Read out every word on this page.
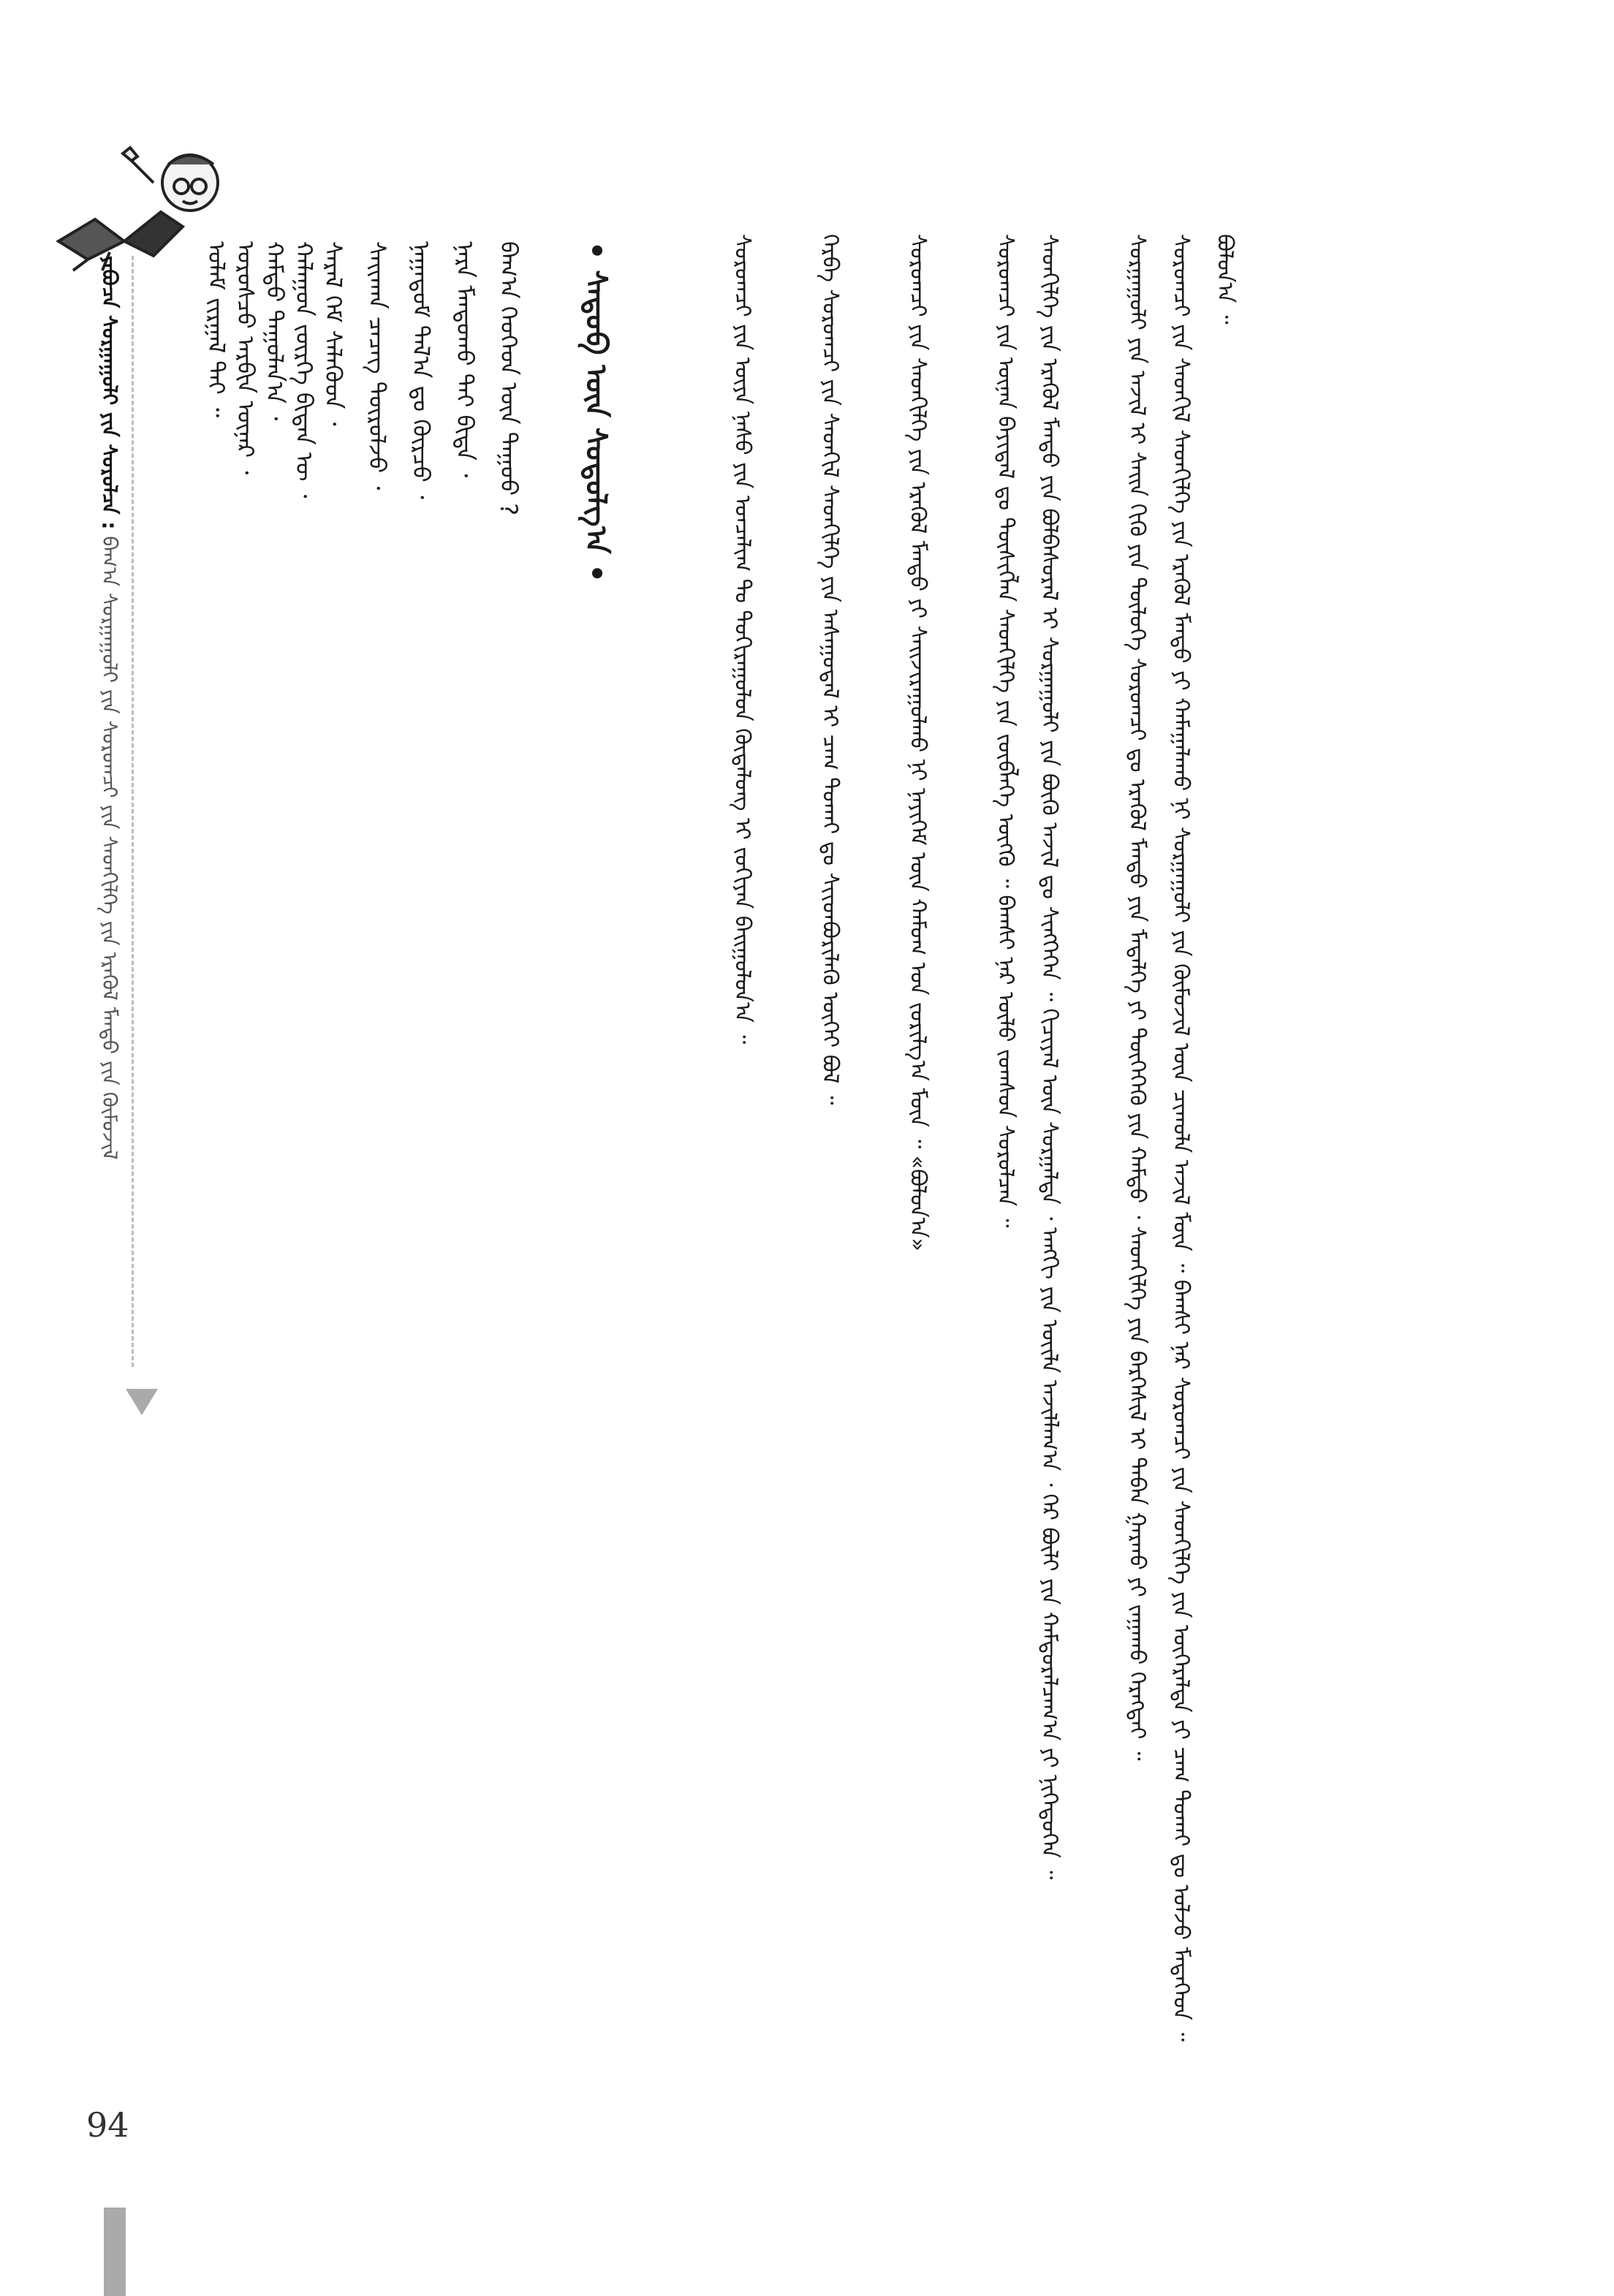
94
ᠶᠠᠪᠤᠴᠠ ᠰᠤᠷᠭᠠᠭᠤᠯᠢ ᠶᠢᠨ ᠰᠤᠷᠤᠯᠴᠠ : ᠪᠠᠭ᠎ᠠ ᠰᠤᠷᠭᠠᠭᠤᠯᠢ ᠶᠢᠨ ᠰᠤᠷᠤᠭᠴᠢ ᠶᠢᠨ ᠰᠡᠳᠬᠢᠯᠭᠡ ᠶᠢᠨ ᠡᠷᠡᠭᠦᠯ ᠮᠡᠨᠳᠦ ᠶᠢᠨ ᠬᠦᠮᠦᠵᠢᠯ
ᠪᠣᠯᠤᠨ᠎ᠠ ᠃
ᠰᠤᠷᠤᠭᠴᠢ ᠶᠢᠨ ᠰᠡᠳᠬᠢᠯ ᠰᠡᠳᠬᠢᠯᠭᠡ ᠶᠢᠨ ᠡᠷᠡᠭᠦᠯ ᠮᠡᠨᠳᠦ ᠶᠢ ᠬᠠᠮᠠᠭᠠᠯᠠᠬᠤ ᠨᠢ ᠰᠤᠷᠭᠠᠭᠤᠯᠢ ᠶᠢᠨ ᠬᠦᠮᠦᠵᠢᠯ ᠦᠨ ᠴᠢᠬᠤᠯᠠ ᠠᠵᠢᠯ ᠮᠥᠨ ᠃ ᠪᠠᠭᠰᠢ ᠨᠠᠷ ᠰᠤᠷᠤᠭᠴᠢ ᠶᠢᠨ ᠰᠡᠳᠬᠢᠯᠭᠡ ᠶᠢᠨ ᠥᠭᠡᠷᠡᠯᠲᠡ ᠶᠢ ᠴᠠᠭ ᠲᠤᠬᠠᠢ ᠳᠤ ᠣᠯᠵᠤ ᠮᠡᠳᠡᠭᠡᠳ ᠃
ᠰᠤᠷᠭᠠᠭᠤᠯᠢ ᠶᠢᠨ ᠠᠵᠢᠯ ᠢ ᠰᠠᠢᠨ ᠬᠢᠬᠦ ᠶᠢᠨ ᠲᠥᠯᠥᠭᠡ ᠰᠤᠷᠤᠭᠴᠢ ᠳᠤ ᠡᠷᠡᠭᠦᠯ ᠮᠡᠨᠳᠦ ᠶᠢᠨ ᠮᠡᠳᠡᠯᠭᠡ ᠶᠢ ᠲᠦᠭᠡᠭᠡᠬᠦ ᠶᠢᠨ ᠬᠠᠮᠲᠤ ᠂ ᠰᠡᠳᠬᠢᠯᠭᠡ ᠶᠢᠨ ᠪᠡᠷᠬᠡᠰᠢᠯ ᠢ ᠳᠠᠪᠠᠨ ᠭᠠᠷᠬᠤ ᠶᠢ ᠵᠠᠭᠠᠬᠤ ᠬᠡᠷᠡᠭᠲᠡᠢ ᠃
ᠰᠡᠳᠬᠢᠯᠭᠡ ᠶᠢᠨ ᠡᠷᠡᠭᠦᠯ ᠮᠡᠨᠳᠦ ᠶᠢᠨ ᠪᠣᠯᠪᠠᠰᠤᠷᠠᠯ ᠢ ᠰᠤᠷᠭᠠᠭᠤᠯᠢ ᠶᠢᠨ ᠪᠦᠬᠦ ᠠᠵᠢᠯ ᠳᠤ ᠰᠢᠩᠭᠡᠭᠡᠨ ᠃ ᠬᠢᠴᠢᠶᠡᠯ ᠦᠨ ᠰᠤᠷᠭᠠᠯᠲᠠ ᠂ ᠠᠩᠭᠢ ᠶᠢᠨ ᠦᠢᠯᠡ ᠠᠵᠢᠯᠯᠠᠭ᠎ᠠ ᠂ ᠭᠡᠷ ᠪᠦᠯᠢ ᠶᠢᠨ ᠬᠠᠮᠲᠤᠷᠠᠯᠴᠠᠭ᠎ᠠ ᠶᠢ ᠨᠢᠭᠡᠳᠦᠭᠡᠨ ᠃
ᠰᠤᠷᠤᠭᠴᠢ ᠶᠢᠨ ᠦᠨᠡᠨ ᠪᠠᠶᠢᠳᠠᠯ ᠳᠤ ᠲᠦᠰᠢᠭᠯᠡᠨ ᠰᠡᠳᠬᠢᠯᠭᠡ ᠶᠢᠨ ᠵᠥᠪᠯᠡᠭᠡ ᠥᠭᠬᠦ ᠃ ᠪᠠᠭᠰᠢ ᠨᠠᠷ ᠦᠯᠦ ᠵᠣᠭᠰᠣᠨ ᠰᠤᠷᠤᠯᠴᠠᠨ ᠃
ᠰᠤᠷᠤᠭᠴᠢ ᠶᠢᠨ ᠰᠡᠳᠬᠢᠯᠭᠡ ᠶᠢᠨ ᠡᠷᠡᠭᠦᠯ ᠮᠡᠨᠳᠦ ᠶᠢ ᠰᠠᠢᠵᠢᠷᠠᠭᠤᠯᠬᠤ ᠨᠢ ᠨᠡᠶᠢᠭᠡᠮ ᠦᠨ ᠬᠠᠮᠤᠭ ᠤᠨ ᠵᠣᠷᠢᠯᠭ᠎ᠠ ᠮᠥᠨ ᠃ «ᠪᠣᠯᠤᠨ᠎ᠠ»
ᠬᠡᠷᠪᠡ ᠰᠤᠷᠤᠭᠴᠢ ᠶᠢᠨ ᠰᠡᠳᠬᠢᠯ ᠰᠡᠳᠬᠢᠯᠭᠡ ᠶᠢᠨ ᠠᠰᠠᠭᠤᠳᠠᠯ ᠢ ᠴᠠᠭ ᠲᠤᠬᠠᠢ ᠳᠤ ᠰᠢᠢᠳᠪᠦᠷᠢᠯᠡᠬᠦ ᠦᠭᠡᠢ ᠪᠣᠯ ᠃
ᠰᠤᠷᠤᠭᠴᠢ ᠶᠢᠨ ᠦᠶᠡ ᠨᠠᠰᠤ ᠶᠢᠨ ᠣᠨᠴᠠᠯᠢᠭ ᠲᠤ ᠲᠣᠬᠢᠷᠠᠭᠤᠯᠤᠨ ᠬᠥᠳᠡᠯᠦᠩ ᠢ ᠵᠣᠬᠢᠶᠠᠨ ᠪᠠᠢᠭᠤᠯᠤᠨ᠎ᠠ ᠃
• ᠰᠡᠳᠦᠪ ᠦᠨ ᠰᠤᠳᠤᠯᠭ᠎ᠠ •
ᠪᠠᠭ᠎ᠠ ᠬᠡᠦᠬᠡᠳ ᠦᠨ ᠳᠠᠭᠤᠤ ?
ᠨᠠᠷᠠ ᠮᠠᠨᠳᠤᠬᠤ ᠲᠠᠢ ᠪᠢᠳᠡ ᠂
ᠨᠠᠭᠠᠳᠤᠮ ᠲᠠᠯ᠎ᠠ ᠳᠤ ᠬᠦᠷᠴᠦ ᠂
ᠰᠠᠢᠬᠠᠨ ᠴᠡᠴᠡᠭ ᠲᠦᠷᠦᠯᠵᠦ ᠂
ᠰᠠᠷᠠᠯ ᠬᠡᠮ ᠰᠡᠯᠡᠭᠦᠦᠨ ᠂
ᠬᠠᠯᠠᠭᠤᠨ ᠵᠦᠷᠬᠡ ᠪᠢᠳᠡᠨ ᠦ ᠂
ᠬᠠᠮᠲᠤ ᠳᠠᠭᠤᠯᠠᠨ᠎ᠠ ᠂
ᠤᠷᠤᠰᠴᠤ ᠠᠷᠪᠢᠨ ᠦᠨᠡᠷ ᠂
ᠤᠯᠠᠮ ᠵᠢᠷᠭᠠᠯ ᠲᠠᠢ ᠃
